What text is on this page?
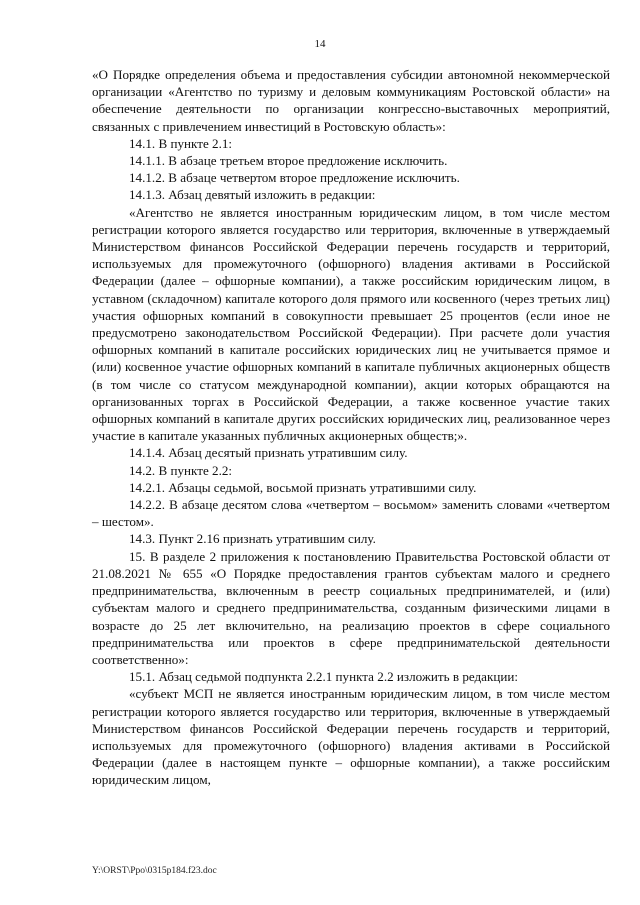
14

«О Порядке определения объема и предоставления субсидии автономной некоммерческой организации «Агентство по туризму и деловым коммуникациям Ростовской области» на обеспечение деятельности по организации конгрессно-выставочных мероприятий, связанных с привлечением инвестиций в Ростовскую область»:

14.1. В пункте 2.1:

14.1.1. В абзаце третьем второе предложение исключить.

14.1.2. В абзаце четвертом второе предложение исключить.

14.1.3. Абзац девятый изложить в редакции:

«Агентство не является иностранным юридическим лицом, в том числе местом регистрации которого является государство или территория, включенные в утверждаемый Министерством финансов Российской Федерации перечень государств и территорий, используемых для промежуточного (офшорного) владения активами в Российской Федерации (далее – офшорные компании), а также российским юридическим лицом, в уставном (складочном) капитале которого доля прямого или косвенного (через третьих лиц) участия офшорных компаний в совокупности превышает 25 процентов (если иное не предусмотрено законодательством Российской Федерации). При расчете доли участия офшорных компаний в капитале российских юридических лиц не учитывается прямое и (или) косвенное участие офшорных компаний в капитале публичных акционерных обществ (в том числе со статусом международной компании), акции которых обращаются на организованных торгах в Российской Федерации, а также косвенное участие таких офшорных компаний в капитале других российских юридических лиц, реализованное через участие в капитале указанных публичных акционерных обществ;».

14.1.4. Абзац десятый признать утратившим силу.

14.2. В пункте 2.2:

14.2.1. Абзацы седьмой, восьмой признать утратившими силу.

14.2.2. В абзаце десятом слова «четвертом – восьмом» заменить словами «четвертом – шестом».

14.3. Пункт 2.16 признать утратившим силу.

15. В разделе 2 приложения к постановлению Правительства Ростовской области от 21.08.2021 № 655 «О Порядке предоставления грантов субъектам малого и среднего предпринимательства, включенным в реестр социальных предпринимателей, и (или) субъектам малого и среднего предпринимательства, созданным физическими лицами в возрасте до 25 лет включительно, на реализацию проектов в сфере социального предпринимательства или проектов в сфере предпринимательской деятельности соответственно»:

15.1. Абзац седьмой подпункта 2.2.1 пункта 2.2 изложить в редакции:

«субъект МСП не является иностранным юридическим лицом, в том числе местом регистрации которого является государство или территория, включенные в утверждаемый Министерством финансов Российской Федерации перечень государств и территорий, используемых для промежуточного (офшорного) владения активами в Российской Федерации (далее в настоящем пункте – офшорные компании), а также российским юридическим лицом,

Y:\ORST\Ppo\0315p184.f23.doc
